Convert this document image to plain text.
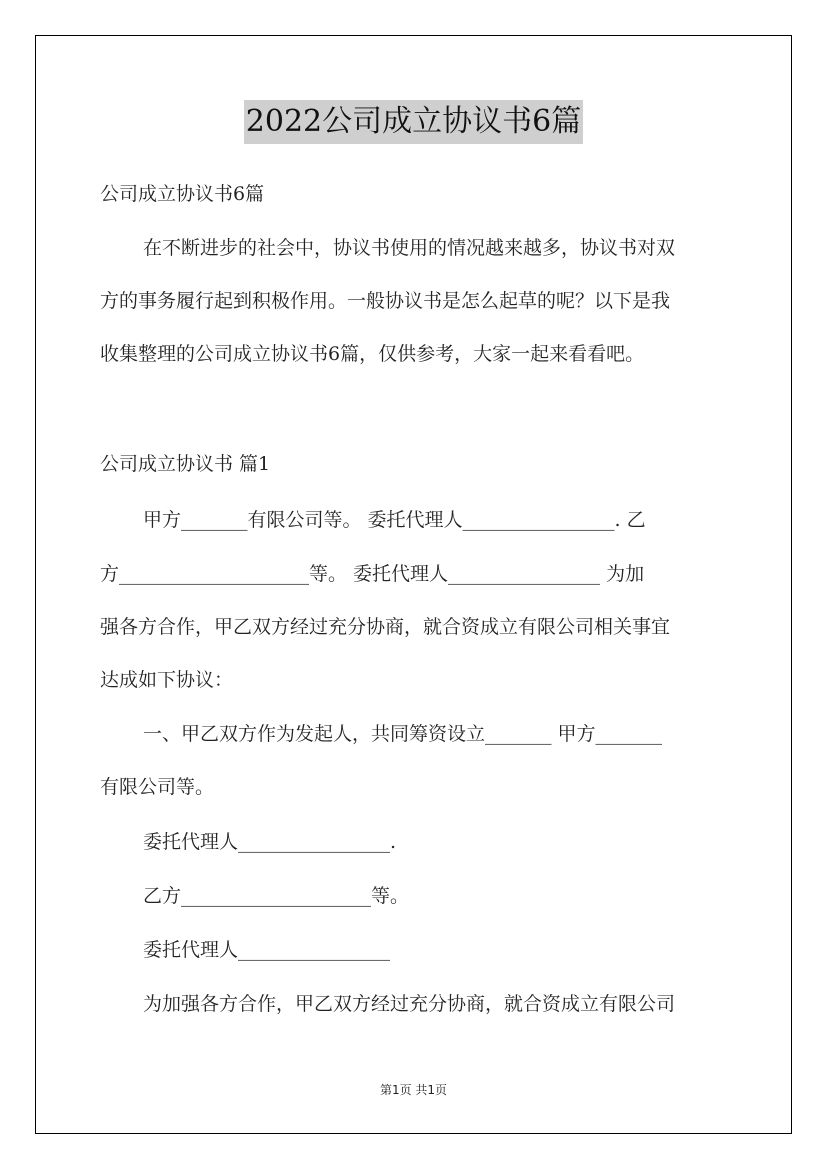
2022公司成立协议书6篇
公司成立协议书6篇
在不断进步的社会中，协议书使用的情况越来越多，协议书对双
方的事务履行起到积极作用。一般协议书是怎么起草的呢？以下是我
收集整理的公司成立协议书6篇，仅供参考，大家一起来看看吧。
公司成立协议书 篇1
甲方_______有限公司等。 委托代理人________________. 乙
方____________________等。 委托代理人________________ 为加
强各方合作，甲乙双方经过充分协商，就合资成立有限公司相关事宜
达成如下协议：
一、甲乙双方作为发起人，共同筹资设立_______ 甲方_______
有限公司等。
委托代理人________________.
乙方____________________等。
委托代理人________________
为加强各方合作，甲乙双方经过充分协商，就合资成立有限公司
第1页 共1页
